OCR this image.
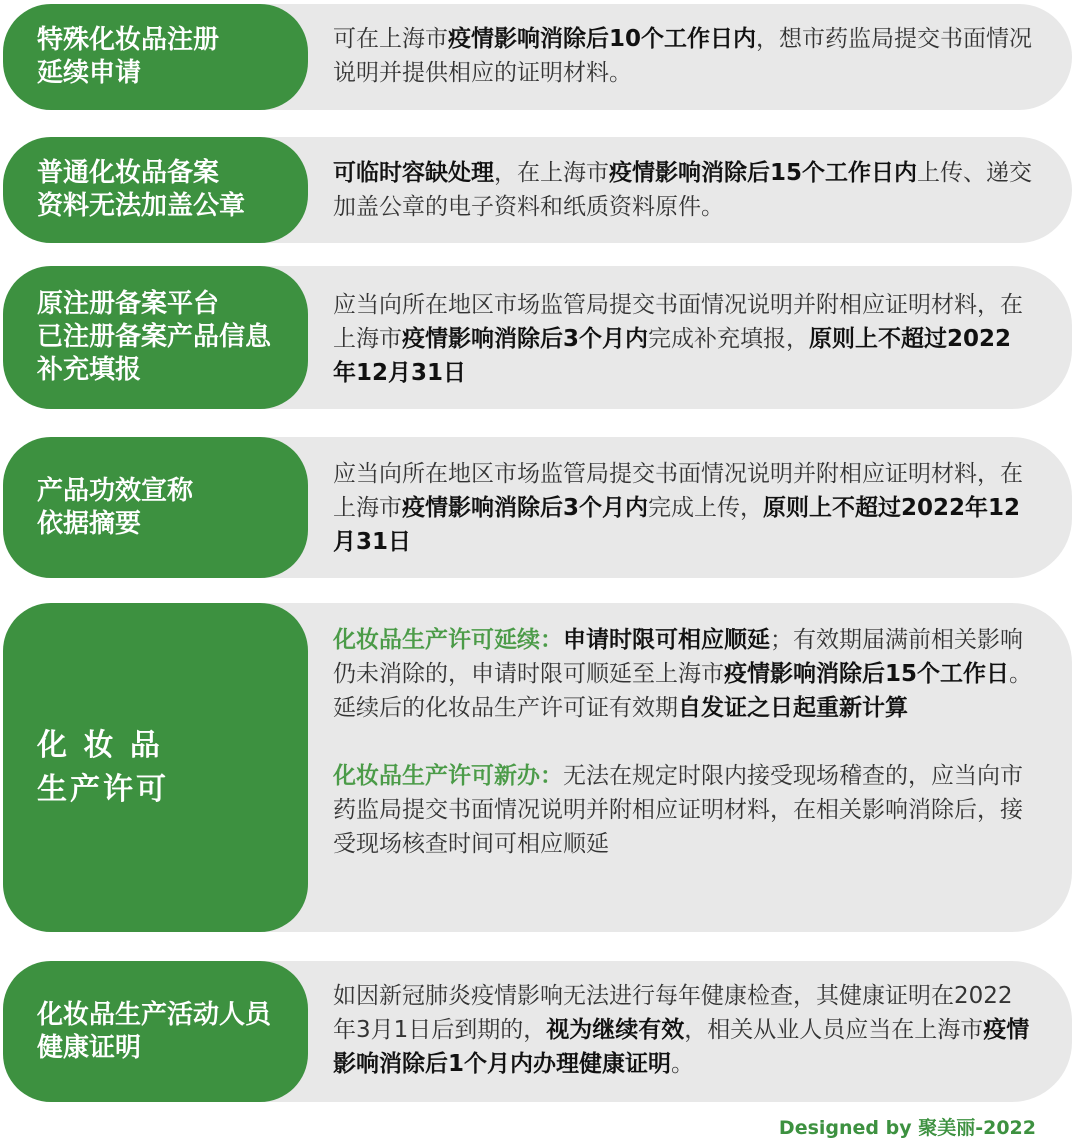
特殊化妆品注册
延续申请
可在上海市疫情影响消除后10个工作日内，想市药监局提交书面情况说明并提供相应的证明材料。
普通化妆品备案
资料无法加盖公章
可临时容缺处理，在上海市疫情影响消除后15个工作日内上传、递交加盖公章的电子资料和纸质资料原件。
原注册备案平台
已注册备案产品信息
补充填报
应当向所在地区市场监管局提交书面情况说明并附相应证明材料，在上海市疫情影响消除后3个月内完成补充填报，原则上不超过2022年12月31日
产品功效宣称
依据摘要
应当向所在地区市场监管局提交书面情况说明并附相应证明材料，在上海市疫情影响消除后3个月内完成上传，原则上不超过2022年12月31日
化 妆 品
生产许可
化妆品生产许可延续：申请时限可相应顺延；有效期届满前相关影响仍未消除的，申请时限可顺延至上海市疫情影响消除后15个工作日。延续后的化妆品生产许可证有效期自发证之日起重新计算
化妆品生产许可新办：无法在规定时限内接受现场稽查的，应当向市药监局提交书面情况说明并附相应证明材料，在相关影响消除后，接受现场核查时间可相应顺延
化妆品生产活动人员
健康证明
如因新冠肺炎疫情影响无法进行每年健康检查，其健康证明在2022年3月1日后到期的，视为继续有效，相关从业人员应当在上海市疫情影响消除后1个月内办理健康证明。
Designed by 聚美丽-2022
